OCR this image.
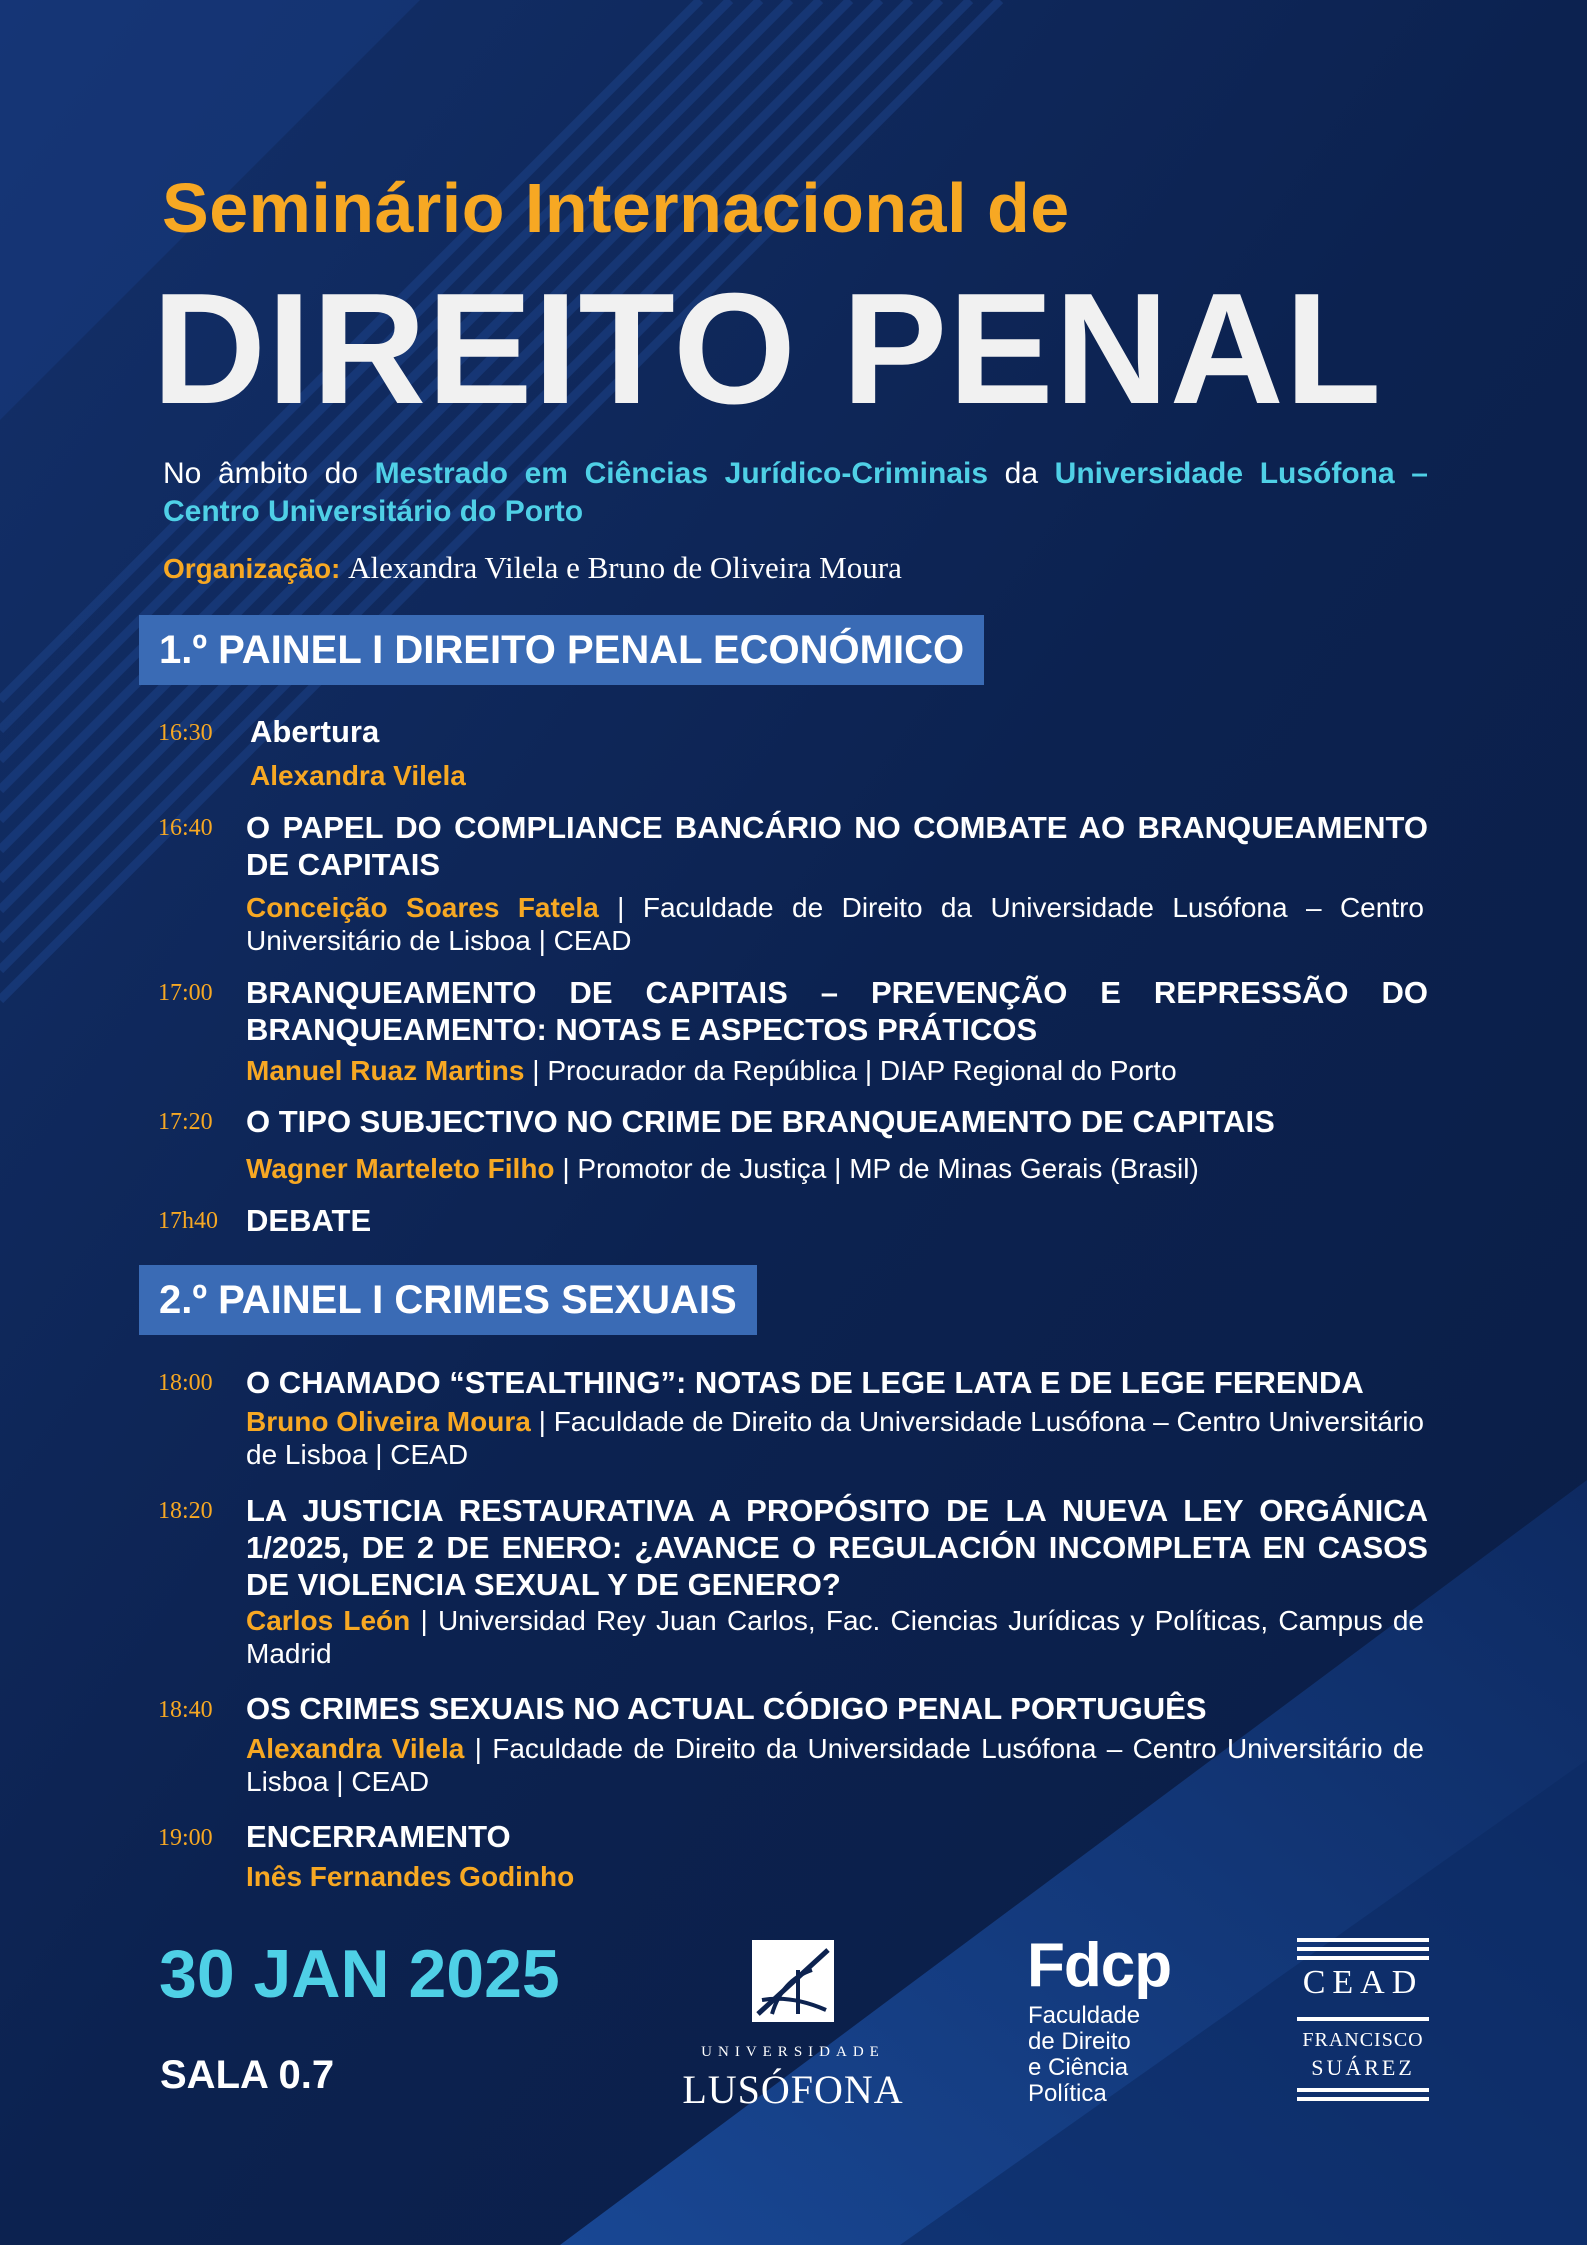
Seminário Internacional de
DIREITO PENAL
No âmbito do Mestrado em Ciências Jurídico-Criminais da Universidade Lusófona – Centro Universitário do Porto
Organização: Alexandra Vilela e Bruno de Oliveira Moura
1.º PAINEL I DIREITO PENAL ECONÓMICO
16:30	Abertura
Alexandra Vilela
16:40	O PAPEL DO COMPLIANCE BANCÁRIO NO COMBATE AO BRANQUEAMENTO DE CAPITAIS
Conceição Soares Fatela | Faculdade de Direito da Universidade Lusófona – Centro Universitário de Lisboa | CEAD
17:00	BRANQUEAMENTO DE CAPITAIS – PREVENÇÃO E REPRESSÃO DO BRANQUEAMENTO: NOTAS E ASPECTOS PRÁTICOS
Manuel Ruaz Martins | Procurador da República | DIAP Regional do Porto
17:20	O TIPO SUBJECTIVO NO CRIME DE BRANQUEAMENTO DE CAPITAIS
Wagner Marteleto Filho | Promotor de Justiça | MP de Minas Gerais (Brasil)
17h40 DEBATE
2.º PAINEL I CRIMES SEXUAIS
18:00	O CHAMADO “STEALTHING”: NOTAS DE LEGE LATA E DE LEGE FERENDA
Bruno Oliveira Moura | Faculdade de Direito da Universidade Lusófona – Centro Universitário de Lisboa | CEAD
18:20	LA JUSTICIA RESTAURATIVA A PROPÓSITO DE LA NUEVA LEY ORGÁNICA 1/2025, DE 2 DE ENERO: ¿AVANCE O REGULACIÓN INCOMPLETA EN CASOS DE VIOLENCIA SEXUAL Y DE GENERO?
Carlos León | Universidad Rey Juan Carlos, Fac. Ciencias Jurídicas y Políticas, Campus de Madrid
18:40	OS CRIMES SEXUAIS NO ACTUAL CÓDIGO PENAL PORTUGUÊS
Alexandra Vilela | Faculdade de Direito da Universidade Lusófona – Centro Universitário de Lisboa | CEAD
19:00	ENCERRAMENTO
Inês Fernandes Godinho
30 JAN 2025
SALA 0.7
UNIVERSIDADE
LUSÓFONA
Fdcp
Faculdade
de Direito
e Ciência
Política
CEAD
FRANCISCO
SUÁREZ
